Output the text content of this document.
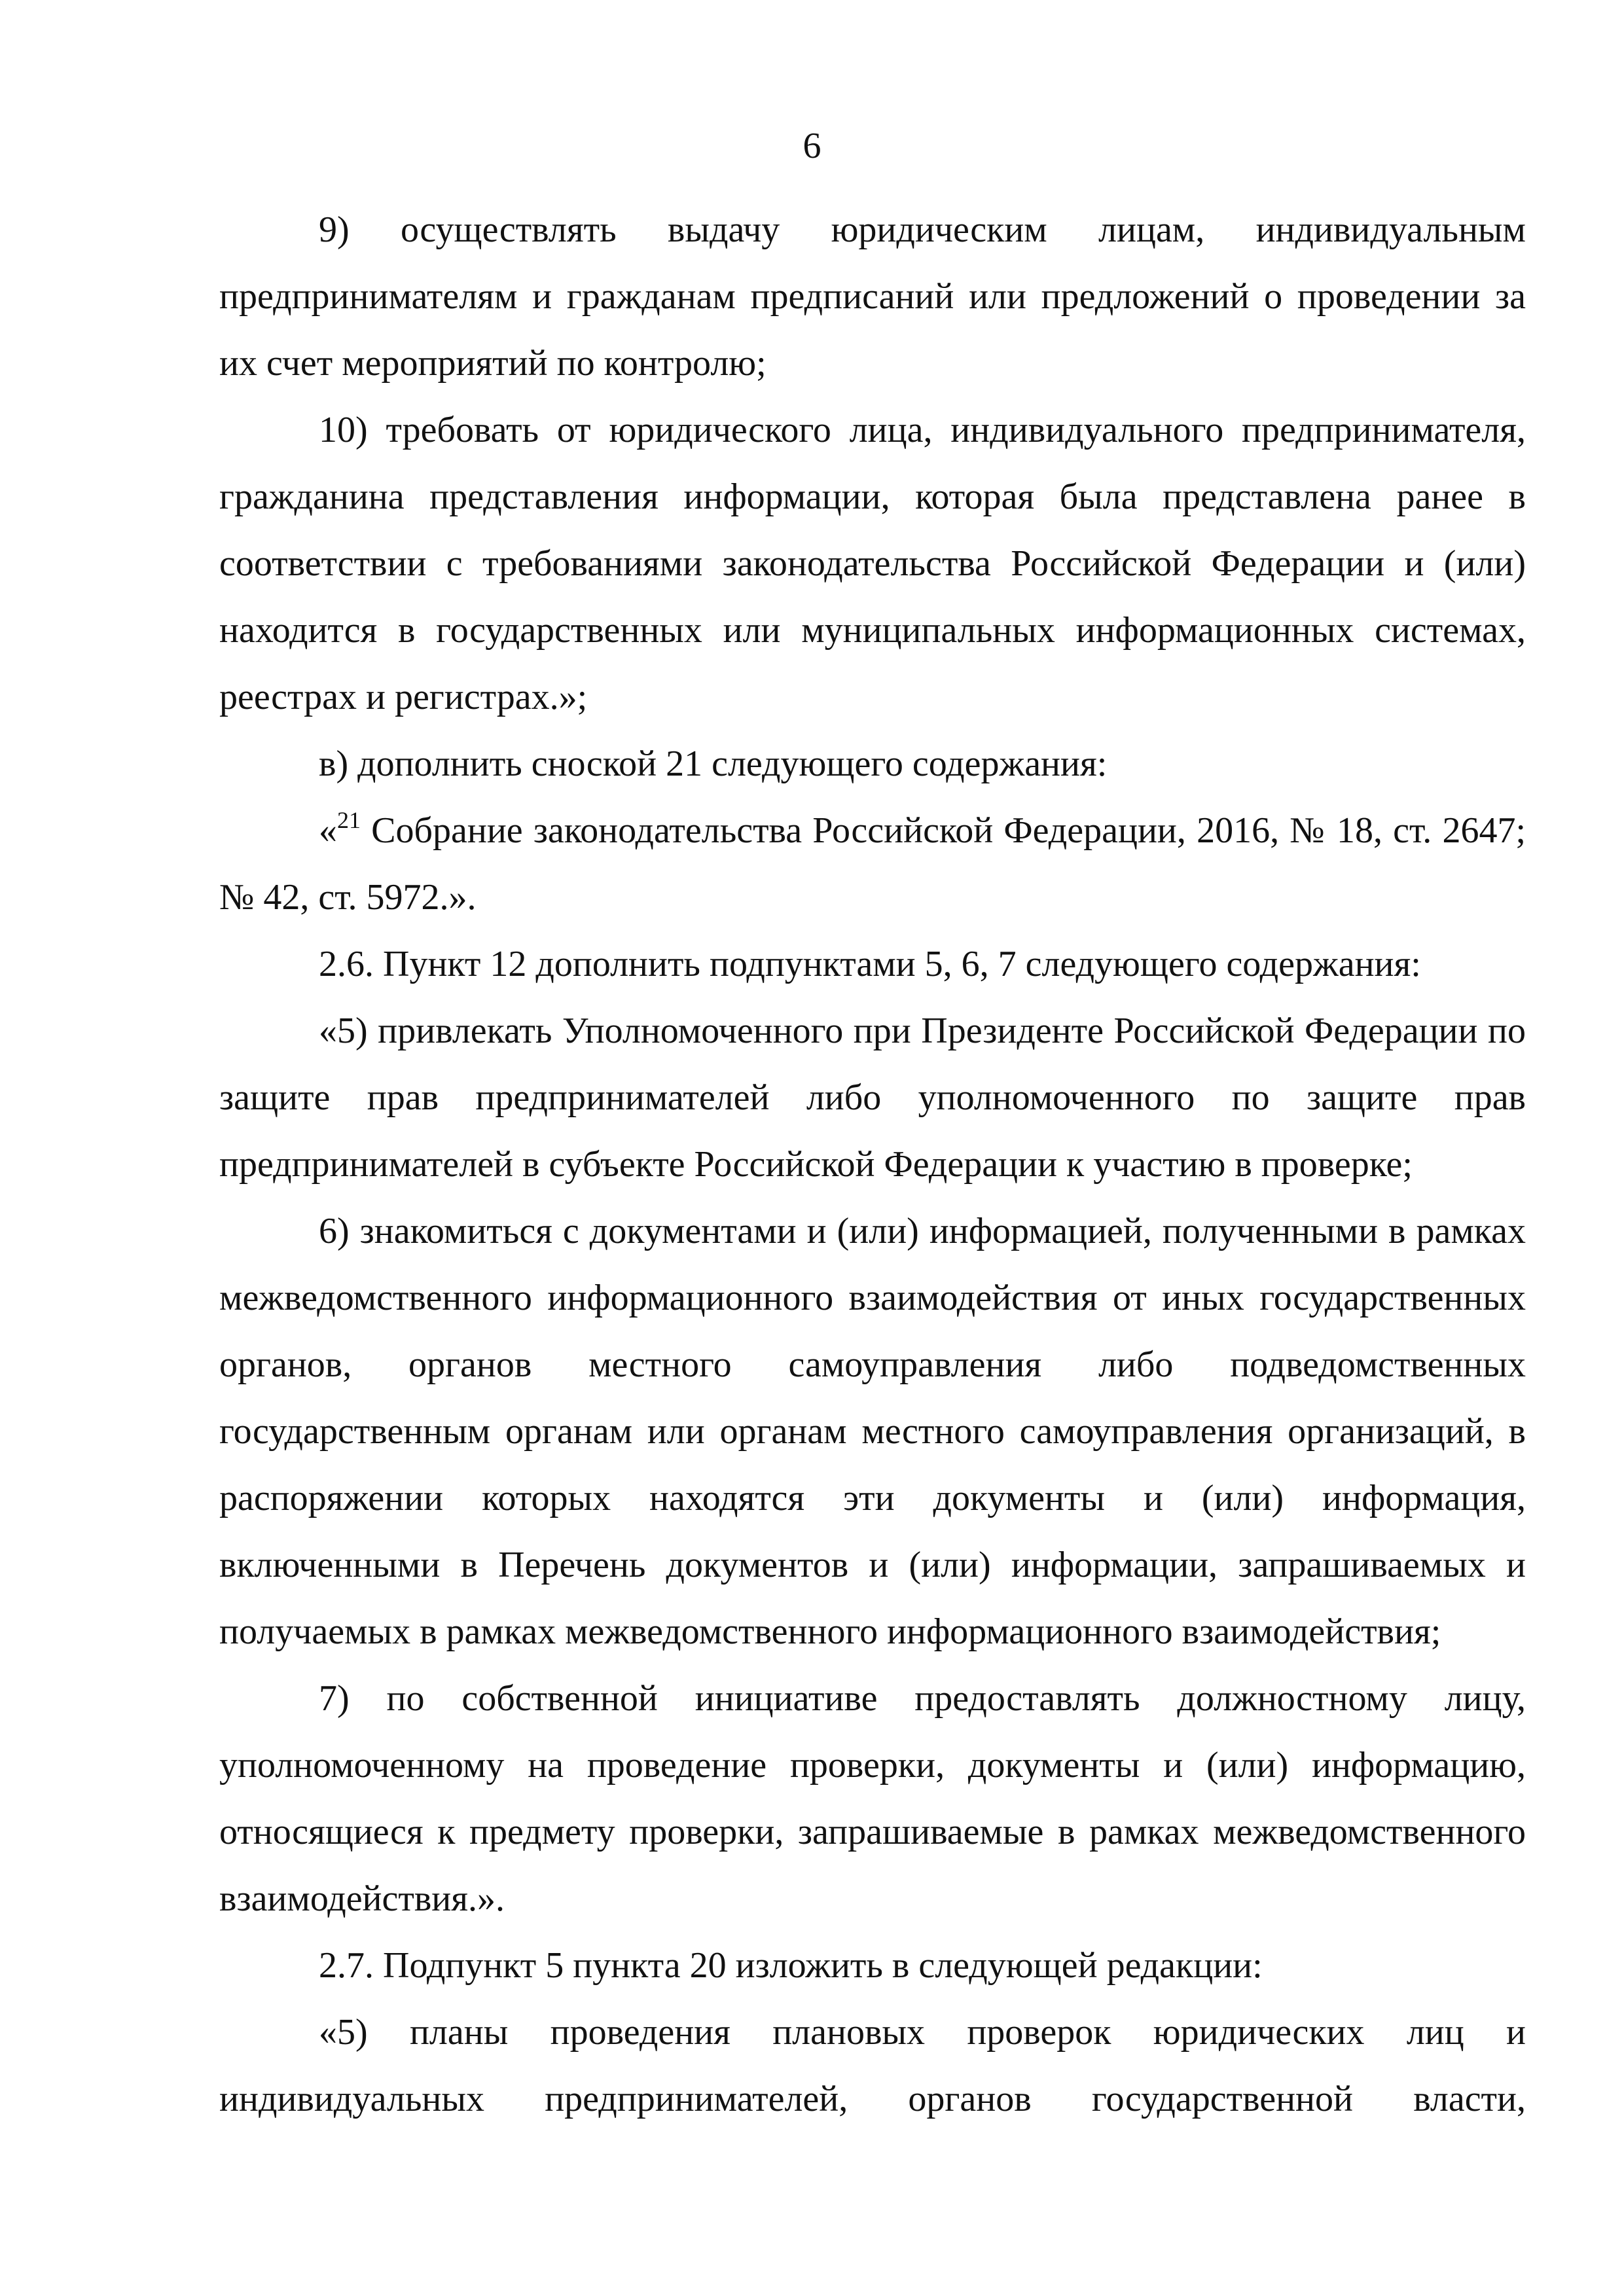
6

9) осуществлять выдачу юридическим лицам, индивидуальным предпринимателям и гражданам предписаний или предложений о проведении за их счет мероприятий по контролю;

10) требовать от юридического лица, индивидуального предпринимателя, гражданина представления информации, которая была представлена ранее в соответствии с требованиями законодательства Российской Федерации и (или) находится в государственных или муниципальных информационных системах, реестрах и регистрах.»;

в) дополнить сноской 21 следующего содержания:

«$^{21}$ Собрание законодательства Российской Федерации, 2016, № 18, ст. 2647; № 42, ст. 5972.».

2.6. Пункт 12 дополнить подпунктами 5, 6, 7 следующего содержания:

«5) привлекать Уполномоченного при Президенте Российской Федерации по защите прав предпринимателей либо уполномоченного по защите прав предпринимателей в субъекте Российской Федерации к участию в проверке;

6) знакомиться с документами и (или) информацией, полученными в рамках межведомственного информационного взаимодействия от иных государственных органов, органов местного самоуправления либо подведомственных государственным органам или органам местного самоуправления организаций, в распоряжении которых находятся эти документы и (или) информация, включенными в Перечень документов и (или) информации, запрашиваемых и получаемых в рамках межведомственного информационного взаимодействия;

7) по собственной инициативе предоставлять должностному лицу, уполномоченному на проведение проверки, документы и (или) информацию, относящиеся к предмету проверки, запрашиваемые в рамках межведомственного взаимодействия.».

2.7. Подпункт 5 пункта 20 изложить в следующей редакции:

«5) планы проведения плановых проверок юридических лиц и индивидуальных предпринимателей, органов государственной власти,
